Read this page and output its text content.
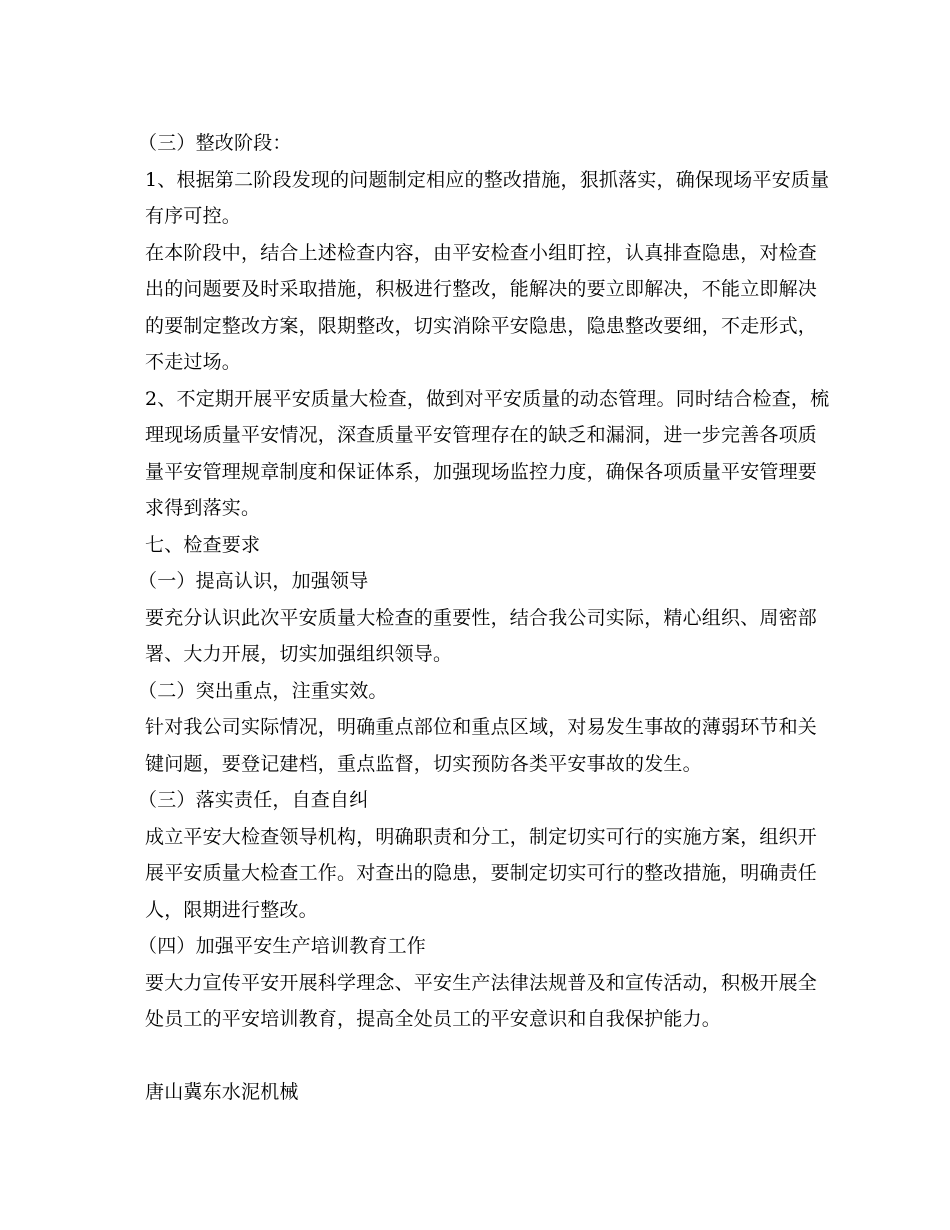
（三）整改阶段：
1、根据第二阶段发现的问题制定相应的整改措施，狠抓落实，确保现场平安质量
有序可控。
在本阶段中，结合上述检查内容，由平安检查小组盯控，认真排查隐患，对检查
出的问题要及时采取措施，积极进行整改，能解决的要立即解决，不能立即解决
的要制定整改方案，限期整改，切实消除平安隐患，隐患整改要细，不走形式，
不走过场。
2、不定期开展平安质量大检查，做到对平安质量的动态管理。同时结合检查，梳
理现场质量平安情况，深查质量平安管理存在的缺乏和漏洞，进一步完善各项质
量平安管理规章制度和保证体系，加强现场监控力度，确保各项质量平安管理要
求得到落实。
七、检查要求
（一）提高认识，加强领导
要充分认识此次平安质量大检查的重要性，结合我公司实际，精心组织、周密部
署、大力开展，切实加强组织领导。
（二）突出重点，注重实效。
针对我公司实际情况，明确重点部位和重点区域，对易发生事故的薄弱环节和关
键问题，要登记建档，重点监督，切实预防各类平安事故的发生。
（三）落实责任，自查自纠
成立平安大检查领导机构，明确职责和分工，制定切实可行的实施方案，组织开
展平安质量大检查工作。对查出的隐患，要制定切实可行的整改措施，明确责任
人，限期进行整改。
（四）加强平安生产培训教育工作
要大力宣传平安开展科学理念、平安生产法律法规普及和宣传活动，积极开展全
处员工的平安培训教育，提高全处员工的平安意识和自我保护能力。
唐山冀东水泥机械
